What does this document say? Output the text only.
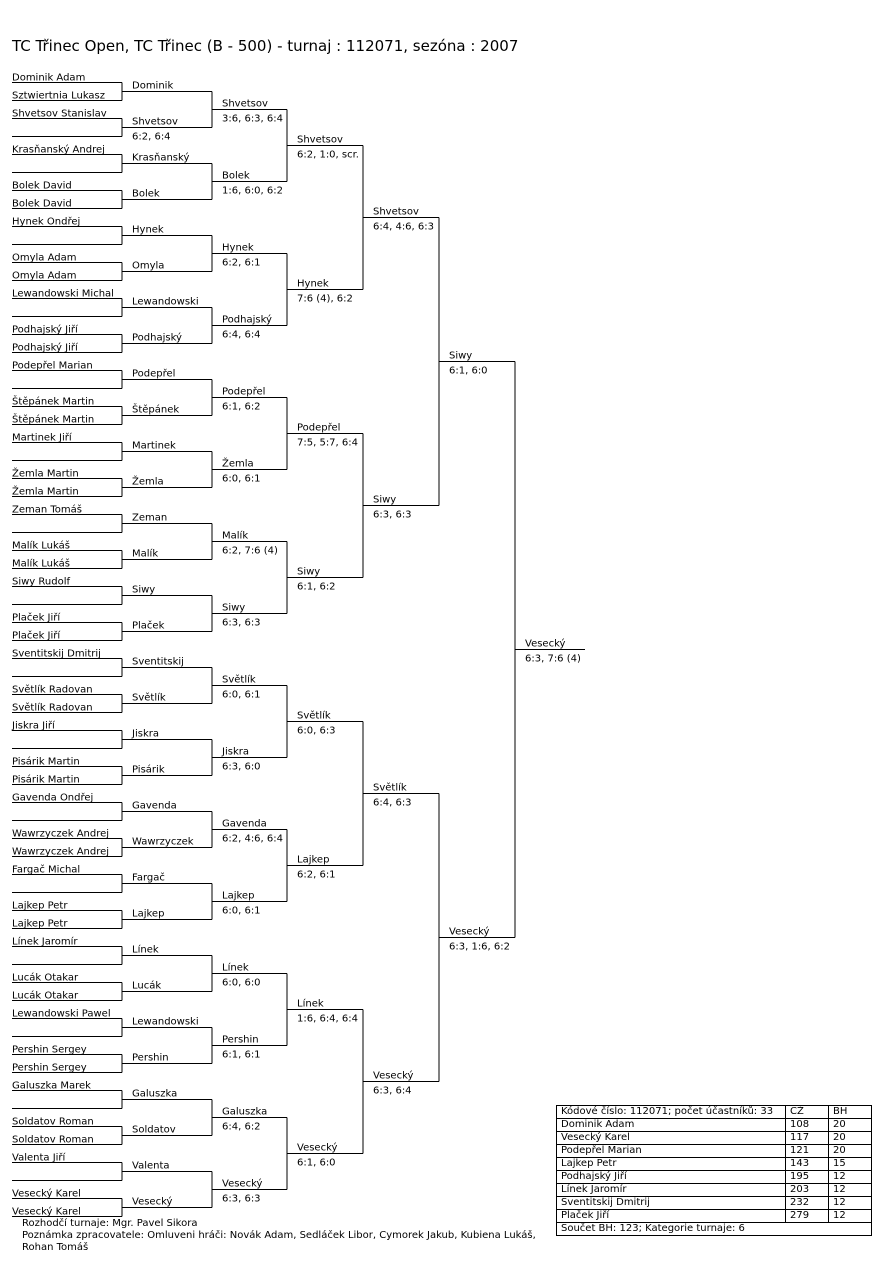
TC Třinec Open, TC Třinec (B - 500) - turnaj : 112071, sezóna : 2007
Dominik Adam
Sztwiertnia Lukasz
Shvetsov Stanislav
Krasňanský Andrej
Bolek David
Hynek Ondřej
Omyla Adam
Lewandowski Michal
Podhajský Jiří
Podepřel Marian
Štěpánek Martin
Martinek Jiří
Žemla Martin
Zeman Tomáš
Malík Lukáš
Siwy Rudolf
Plaček Jiří
Sventitskij Dmitrij
Světlík Radovan
Jiskra Jiří
Pisárik Martin
Gavenda Ondřej
Wawrzyczek Andrej
Fargač Michal
Lajkep Petr
Línek Jaromír
Lucák Otakar
Lewandowski Pawel
Pershin Sergey
Galuszka Marek
Soldatov Roman
Valenta Jiří
Vesecký Karel
Bolek David
Omyla Adam
Podhajský Jiří
Štěpánek Martin
Žemla Martin
Malík Lukáš
Plaček Jiří
Světlík Radovan
Pisárik Martin
Wawrzyczek Andrej
Lajkep Petr
Lucák Otakar
Pershin Sergey
Soldatov Roman
Vesecký Karel
Dominik
Shvetsov
6:2, 6:4
Krasňanský
Bolek
Hynek
Omyla
Lewandowski
Podhajský
Podepřel
Štěpánek
Martinek
Žemla
Zeman
Malík
Siwy
Plaček
Sventitskij
Světlík
Jiskra
Pisárik
Gavenda
Wawrzyczek
Fargač
Lajkep
Línek
Lucák
Lewandowski
Pershin
Galuszka
Soldatov
Valenta
Vesecký
Shvetsov
3:6, 6:3, 6:4
Bolek
1:6, 6:0, 6:2
Hynek
6:2, 6:1
Podhajský
6:4, 6:4
Podepřel
6:1, 6:2
Žemla
6:0, 6:1
Malík
6:2, 7:6 (4)
Siwy
6:3, 6:3
Světlík
6:0, 6:1
Jiskra
6:3, 6:0
Gavenda
6:2, 4:6, 6:4
Lajkep
6:0, 6:1
Línek
6:0, 6:0
Pershin
6:1, 6:1
Galuszka
6:4, 6:2
Vesecký
6:3, 6:3
Shvetsov
6:2, 1:0, scr.
Hynek
7:6 (4), 6:2
Podepřel
7:5, 5:7, 6:4
Siwy
6:1, 6:2
Světlík
6:0, 6:3
Lajkep
6:2, 6:1
Línek
1:6, 6:4, 6:4
Vesecký
6:1, 6:0
Shvetsov
6:4, 4:6, 6:3
Siwy
6:3, 6:3
Světlík
6:4, 6:3
Vesecký
6:3, 6:4
Siwy
6:1, 6:0
Vesecký
6:3, 1:6, 6:2
Vesecký
6:3, 7:6 (4)
Kódové číslo: 112071; počet účastníků: 33	CŽ	BH
Dominik Adam	108	20
Vesecký Karel	117	20
Podepřel Marian	121	20
Lajkep Petr	143	15
Podhajský Jiří	195	12
Línek Jaromír	203	12
Sventitskij Dmitrij	232	12
Plaček Jiří	279	12
Součet BH: 123; Kategorie turnaje: 6		
Rozhodčí turnaje: Mgr. Pavel Sikora
Poznámka zpracovatele: Omluveni hráči: Novák Adam, Sedláček Libor, Cymorek Jakub, Kubiena Lukáš, Rohan Tomáš
